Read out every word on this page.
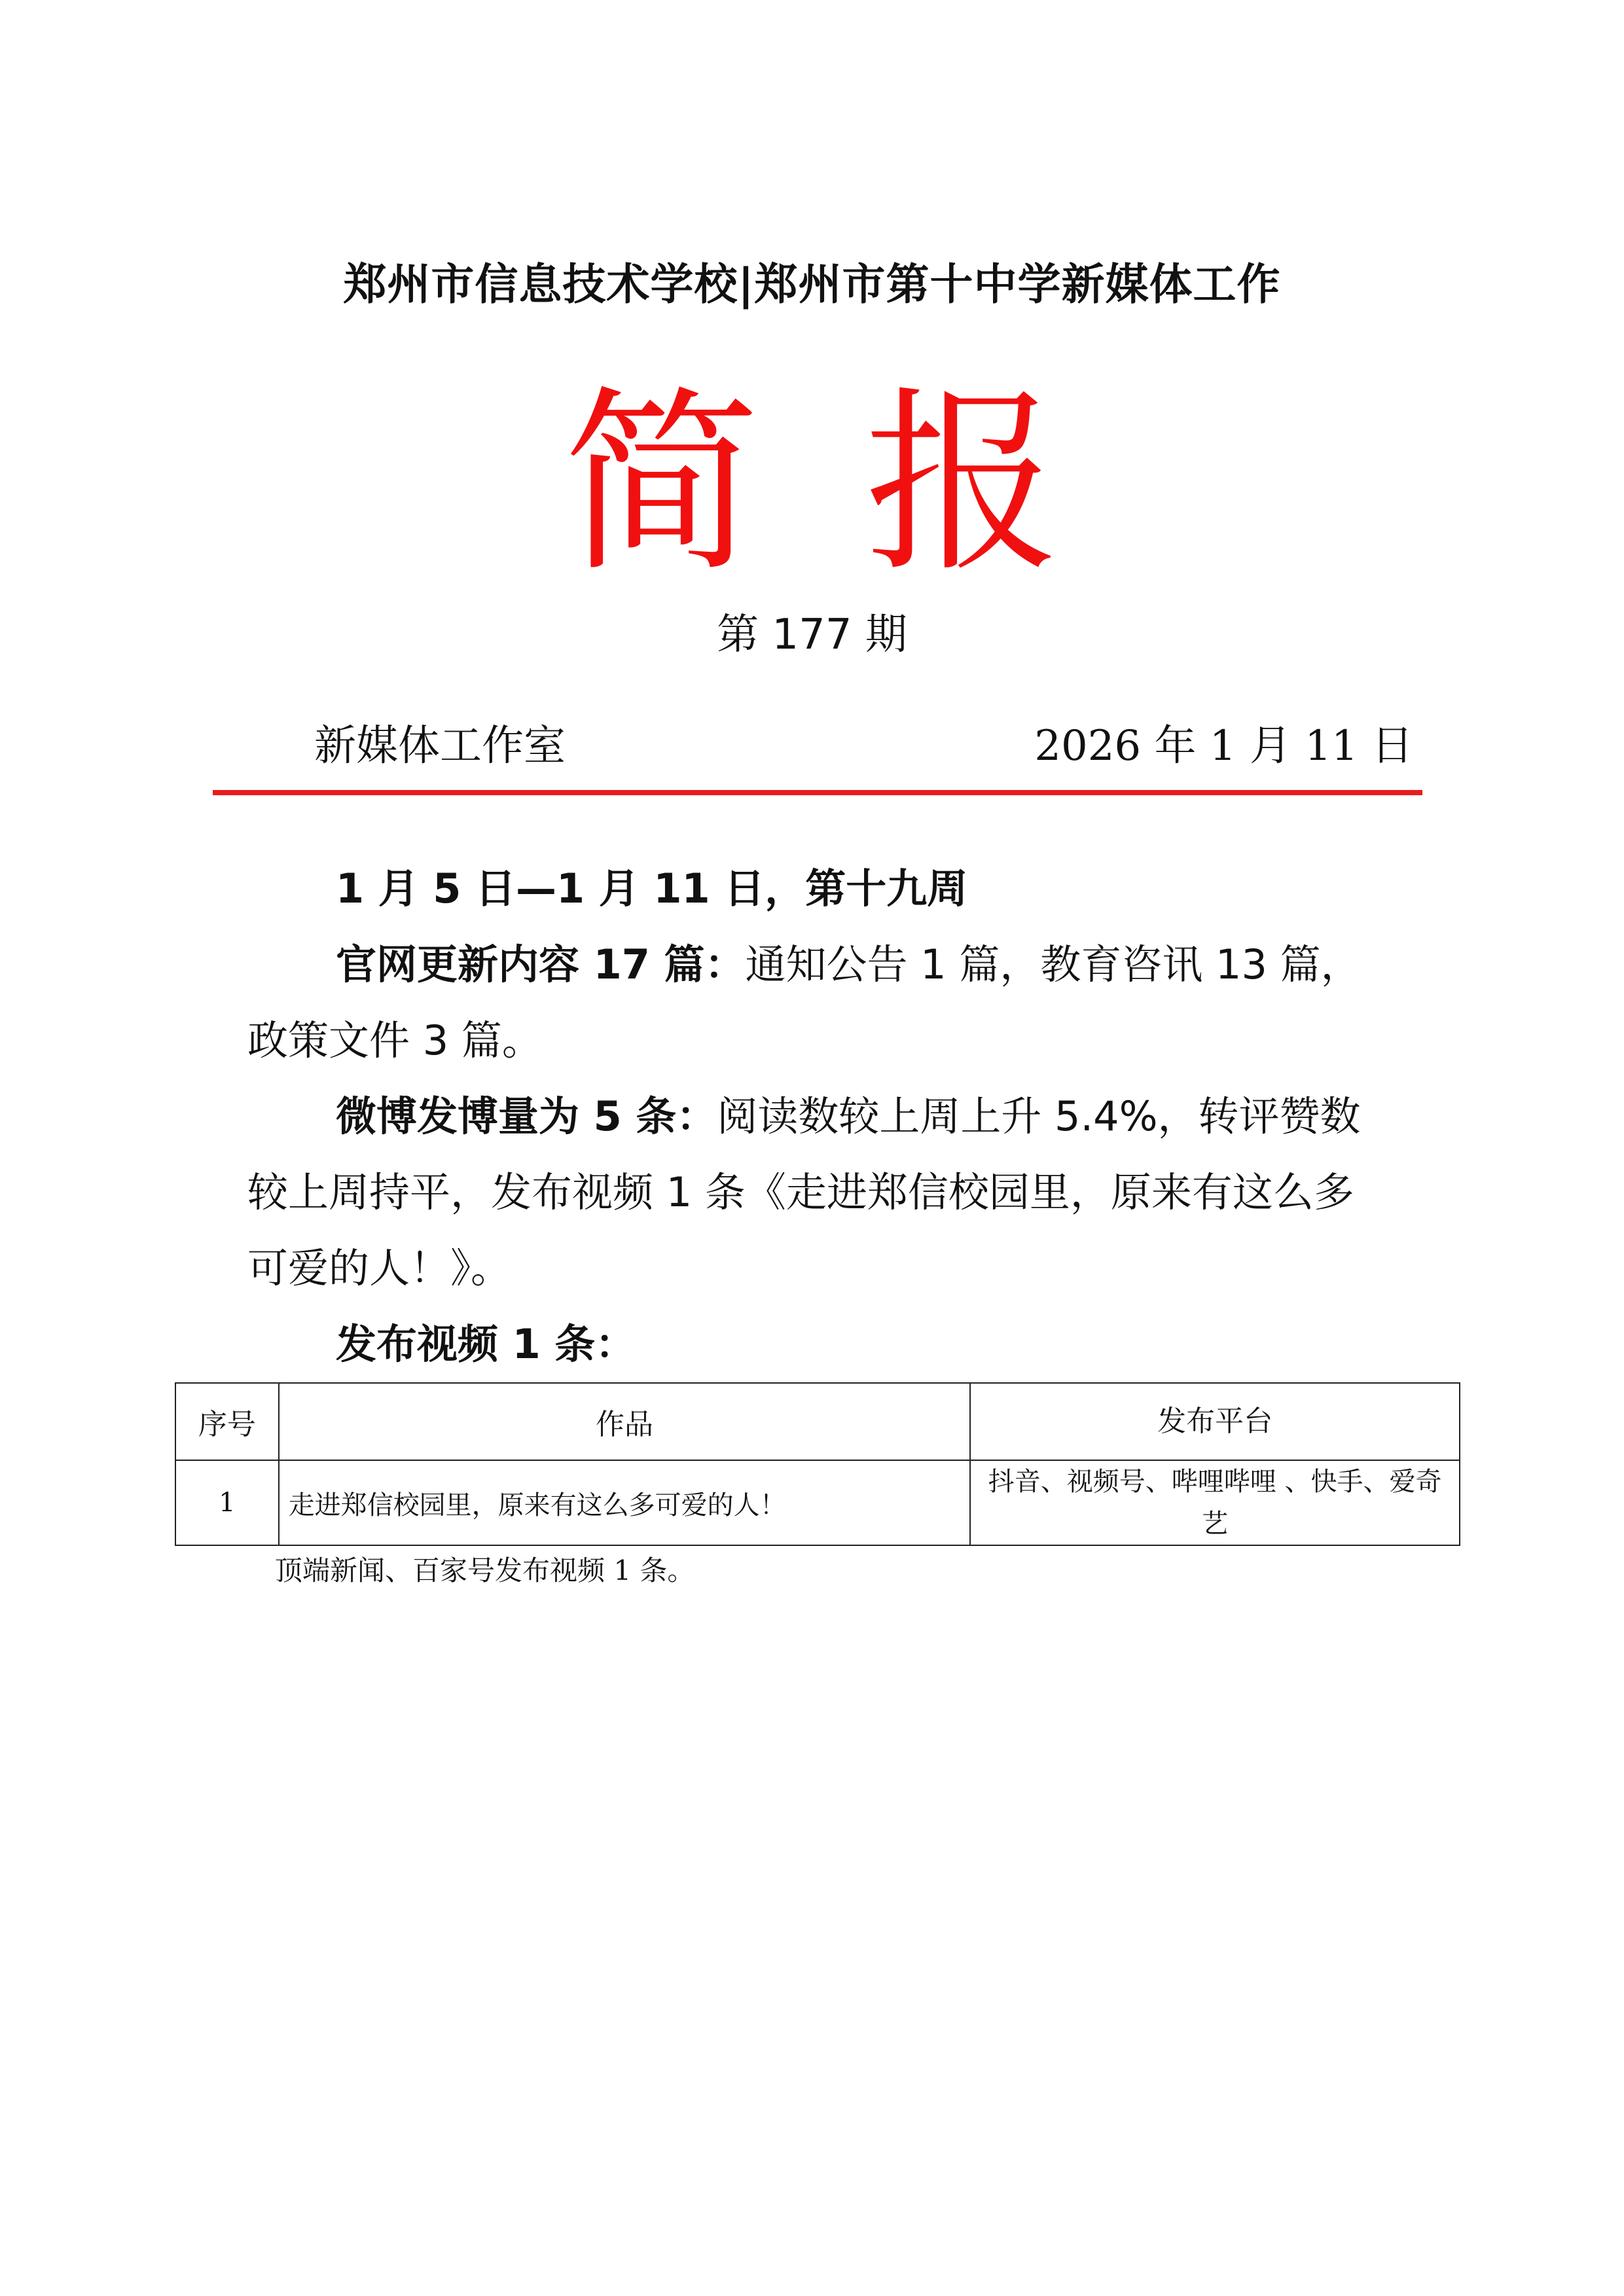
郑州市信息技术学校|郑州市第十中学新媒体工作
简报
第 177 期
新媒体工作室	2026 年 1 月 11 日

1 月 5 日—1 月 11 日，第十九周

官网更新内容 17 篇：通知公告 1 篇，教育咨讯 13 篇，政策文件 3 篇。

微博发博量为 5 条：阅读数较上周上升 5.4%，转评赞数较上周持平，发布视频 1 条《走进郑信校园里，原来有这么多可爱的人！》。

发布视频 1 条：

序号	作品	发布平台
1	走进郑信校园里，原来有这么多可爱的人！	抖音、视频号、哔哩哔哩 、快手、爱奇艺
顶端新闻、百家号发布视频 1 条。
